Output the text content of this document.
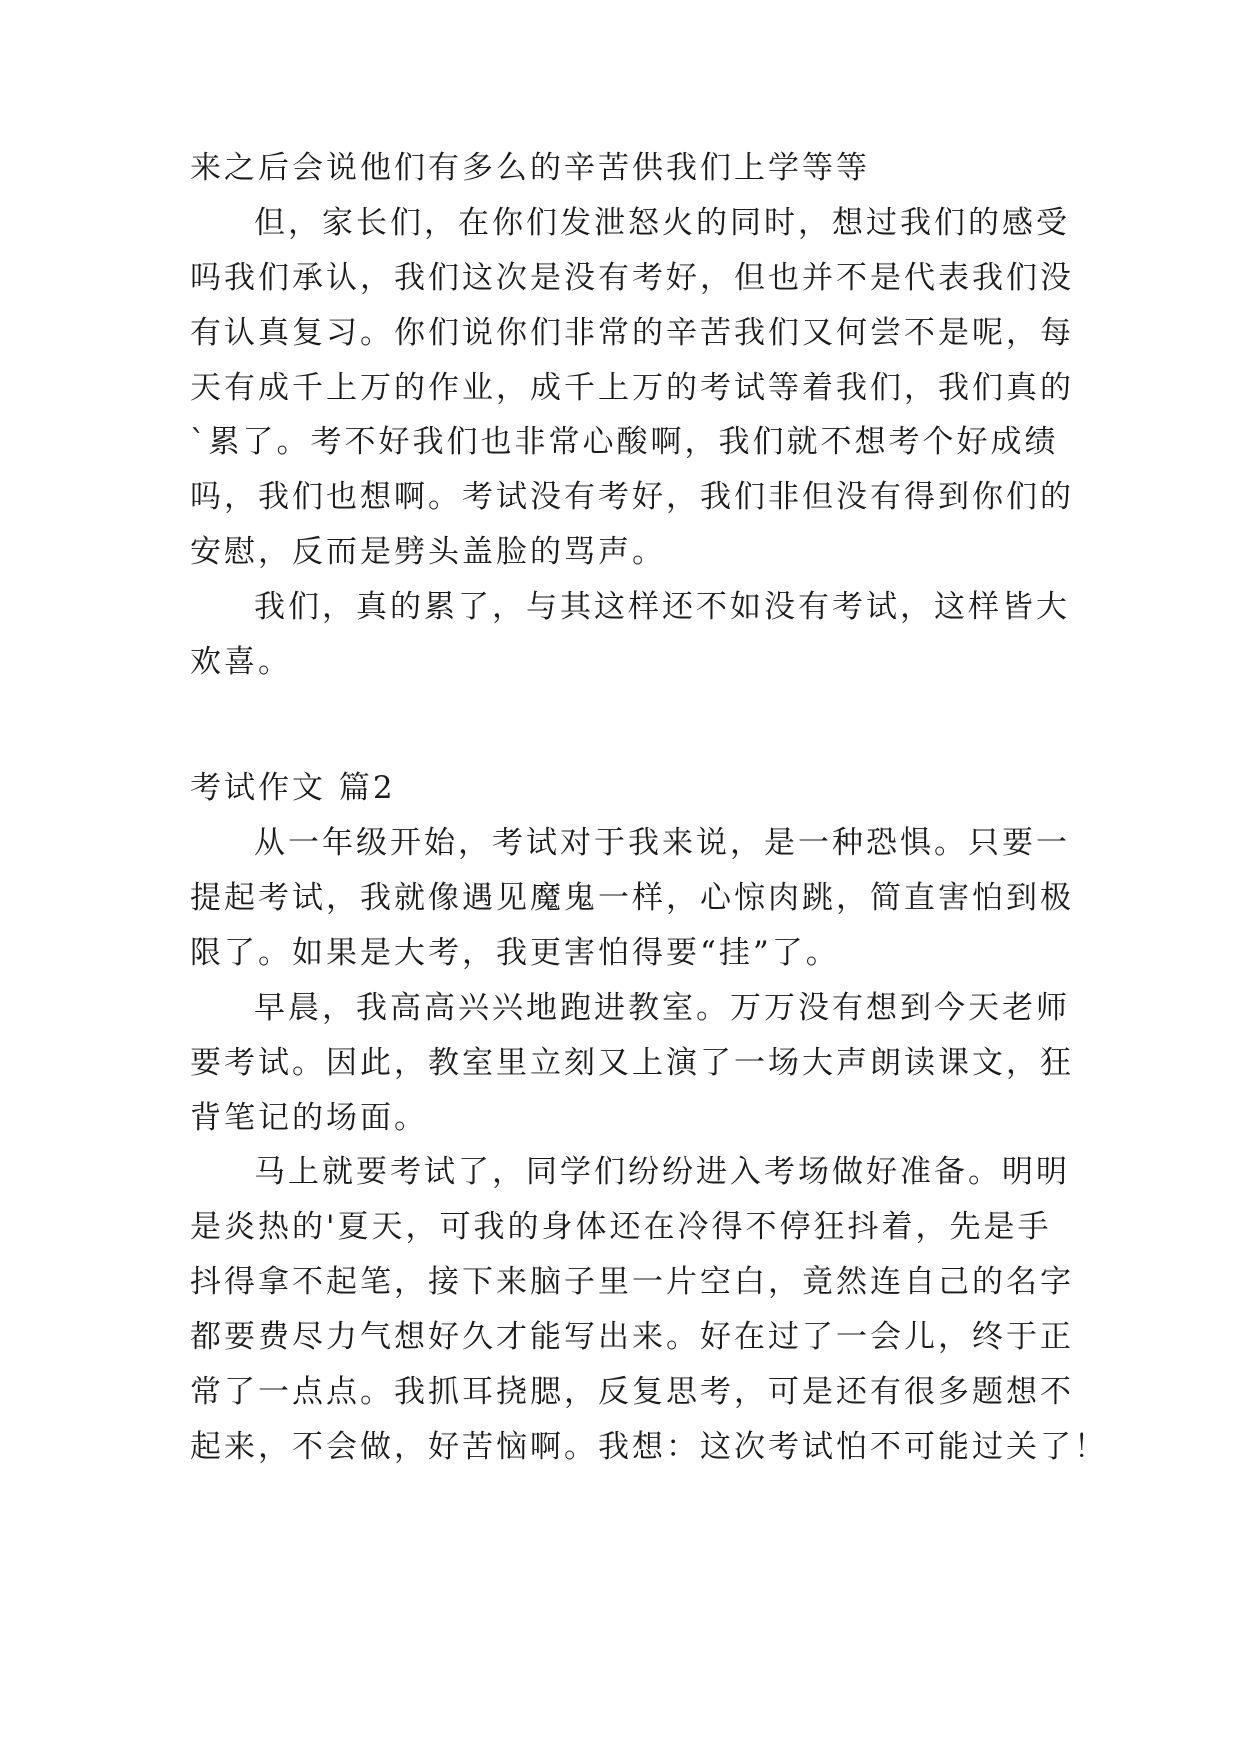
来之后会说他们有多么的辛苦供我们上学等等
但，家长们，在你们发泄怒火的同时，想过我们的感受
吗我们承认，我们这次是没有考好，但也并不是代表我们没
有认真复习。你们说你们非常的辛苦我们又何尝不是呢，每
天有成千上万的作业，成千上万的考试等着我们，我们真的
`累了。考不好我们也非常心酸啊，我们就不想考个好成绩
吗，我们也想啊。考试没有考好，我们非但没有得到你们的
安慰，反而是劈头盖脸的骂声。
我们，真的累了，与其这样还不如没有考试，这样皆大
欢喜。
考试作文 篇2
从一年级开始，考试对于我来说，是一种恐惧。只要一
提起考试，我就像遇见魔鬼一样，心惊肉跳，简直害怕到极
限了。如果是大考，我更害怕得要“挂”了。
早晨，我高高兴兴地跑进教室。万万没有想到今天老师
要考试。因此，教室里立刻又上演了一场大声朗读课文，狂
背笔记的场面。
马上就要考试了，同学们纷纷进入考场做好准备。明明
是炎热的'夏天，可我的身体还在冷得不停狂抖着，先是手
抖得拿不起笔，接下来脑子里一片空白，竟然连自己的名字
都要费尽力气想好久才能写出来。好在过了一会儿，终于正
常了一点点。我抓耳挠腮，反复思考，可是还有很多题想不
起来，不会做，好苦恼啊。我想：这次考试怕不可能过关了！
